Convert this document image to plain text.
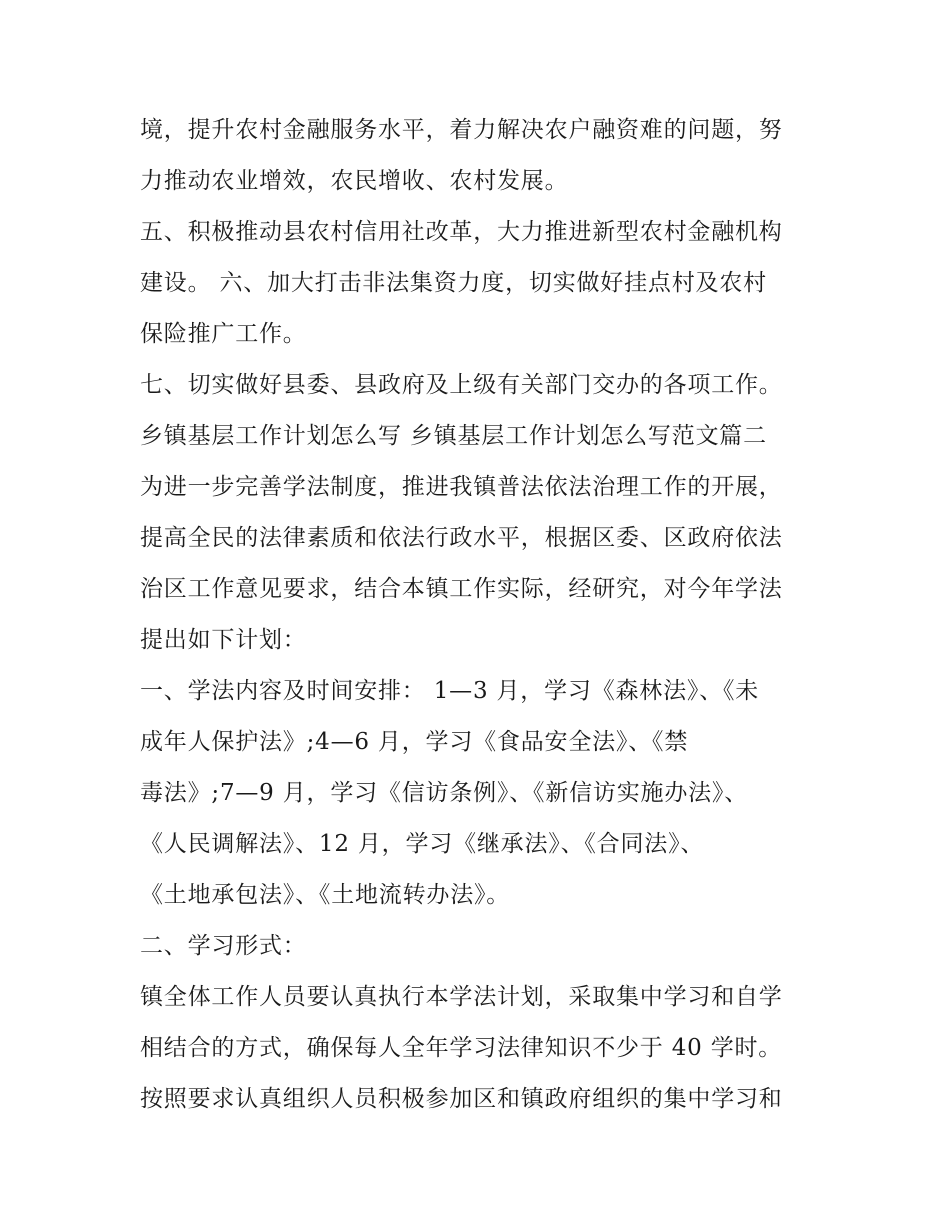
境，提升农村金融服务水平，着力解决农户融资难的问题，努
力推动农业增效，农民增收、农村发展。
五、积极推动县农村信用社改革，大力推进新型农村金融机构
建设。 六、加大打击非法集资力度，切实做好挂点村及农村
保险推广工作。
七、切实做好县委、县政府及上级有关部门交办的各项工作。
乡镇基层工作计划怎么写 乡镇基层工作计划怎么写范文篇二
为进一步完善学法制度，推进我镇普法依法治理工作的开展，
提高全民的法律素质和依法行政水平，根据区委、区政府依法
治区工作意见要求，结合本镇工作实际，经研究，对今年学法
提出如下计划：
一、学法内容及时间安排： 1—3 月，学习《森林法》、《未
成年人保护法》;4—6 月，学习《食品安全法》、《禁
毒法》;7—9 月，学习《信访条例》、《新信访实施办法》、
《人民调解法》、12 月，学习《继承法》、《合同法》、
《土地承包法》、《土地流转办法》。
二、学习形式：
镇全体工作人员要认真执行本学法计划，采取集中学习和自学
相结合的方式，确保每人全年学习法律知识不少于 40 学时。
按照要求认真组织人员积极参加区和镇政府组织的集中学习和
